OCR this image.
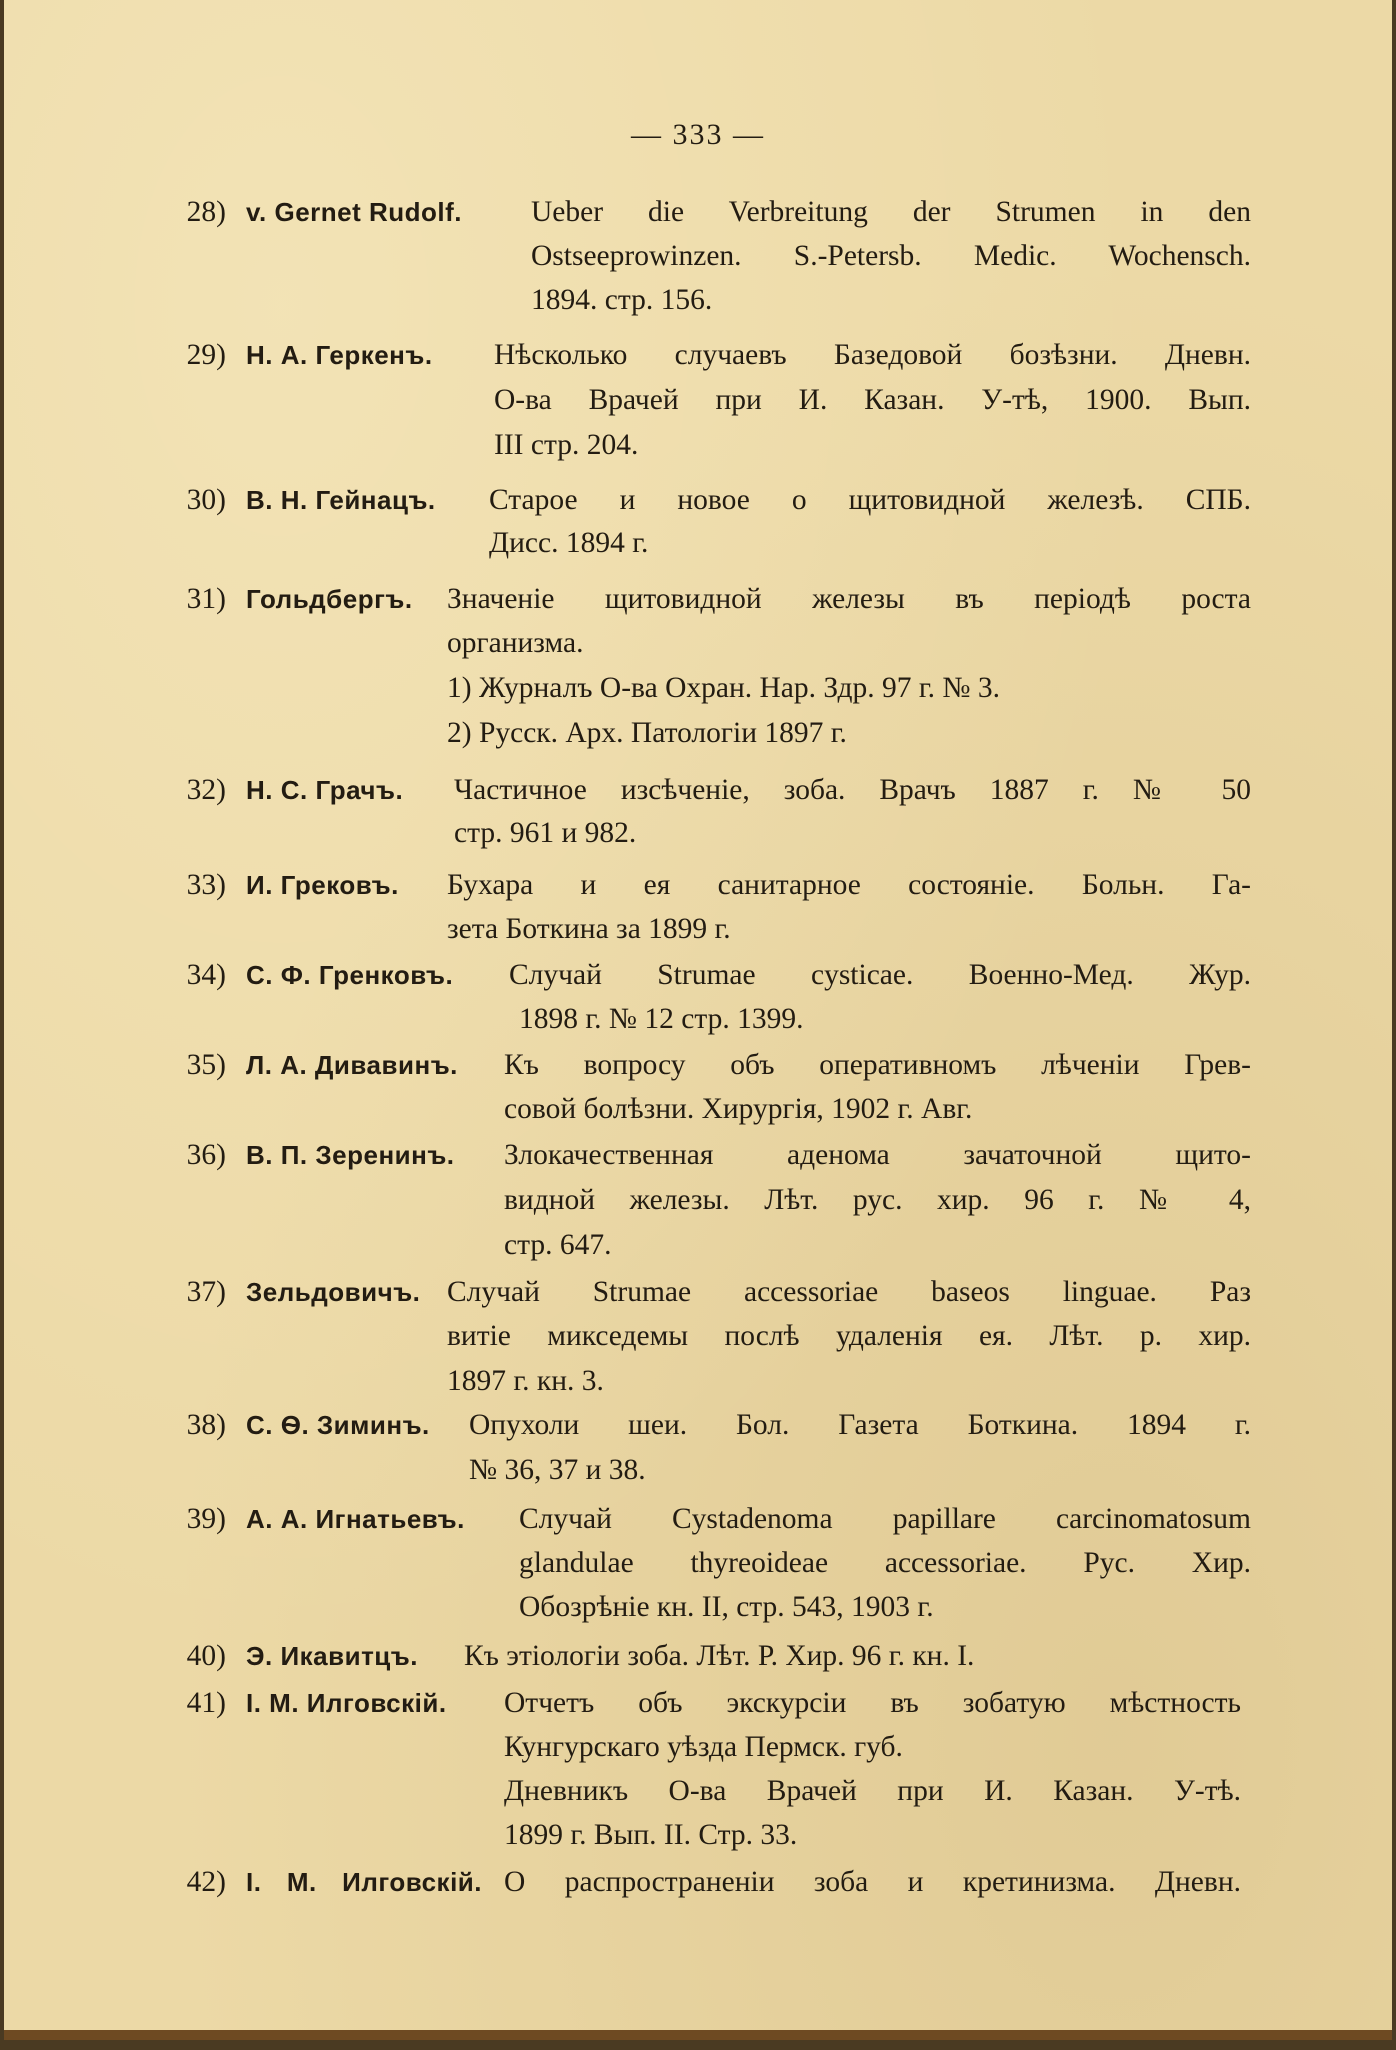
— 333 —
28) v. Gernet Rudolf. Ueber die Verbreitung der Strumen in den
Ostseeprowinzen. S.-Petersb. Medic. Wochensch.
1894. стр. 156.
29) Н. А. Геркенъ. Нѣсколько случаевъ Базедовой бозѣзни. Дневн.
О-ва Врачей при И. Казан. У-тѣ, 1900. Вып.
III стр. 204.
30) В. Н. Гейнацъ. Старое и новое о щитовидной железѣ. СПБ.
Дисс. 1894 г.
31) Гольдбергъ. Значеніе щитовидной железы въ періодѣ роста
организма.
1) Журналъ О-ва Охран. Нар. Здр. 97 г. № 3.
2) Русск. Арх. Патологіи 1897 г.
32) Н. С. Грачъ. Частичное изсѣченіе, зоба. Врачъ 1887 г. № 50
стр. 961 и 982.
33) И. Грековъ. Бухара и ея санитарное состояніе. Больн. Га-
зета Боткина за 1899 г.
34) С. Ф. Гренковъ. Случай Strumae cysticae. Военно-Мед. Жур.
1898 г. № 12 стр. 1399.
35) Л. А. Дивавинъ. Къ вопросу объ оперативномъ лѣченіи Грев-
совой болѣзни. Хирургія, 1902 г. Авг.
36) В. П. Зеренинъ. Злокачественная аденома зачаточной щито-
видной железы. Лѣт. рус. хир. 96 г. № 4,
стр. 647.
37) Зельдовичъ. Случай Strumae accessoriae baseos linguae. Раз
витіе микседемы послѣ удаленія ея. Лѣт. р. хир.
1897 г. кн. 3.
38) С. Ѳ. Зиминъ. Опухоли шеи. Бол. Газета Боткина. 1894 г.
№ 36, 37 и 38.
39) А. А. Игнатьевъ. Случай Cystadenoma papillare carcinomatosum
glandulae thyreoideae accessoriae. Рус. Хир.
Обозрѣніе кн. II, стр. 543, 1903 г.
40) Э. Икавитцъ. Къ этіологіи зоба. Лѣт. Р. Хир. 96 г. кн. I.
41) І. М. Илговскій. Отчетъ объ экскурсіи въ зобатую мѣстность
Кунгурскаго уѣзда Пермск. губ.
Дневникъ О-ва Врачей при И. Казан. У-тѣ.
1899 г. Вып. II. Стр. 33.
42) І. М. Илговскій. О распространеніи зоба и кретинизма. Дневн.
